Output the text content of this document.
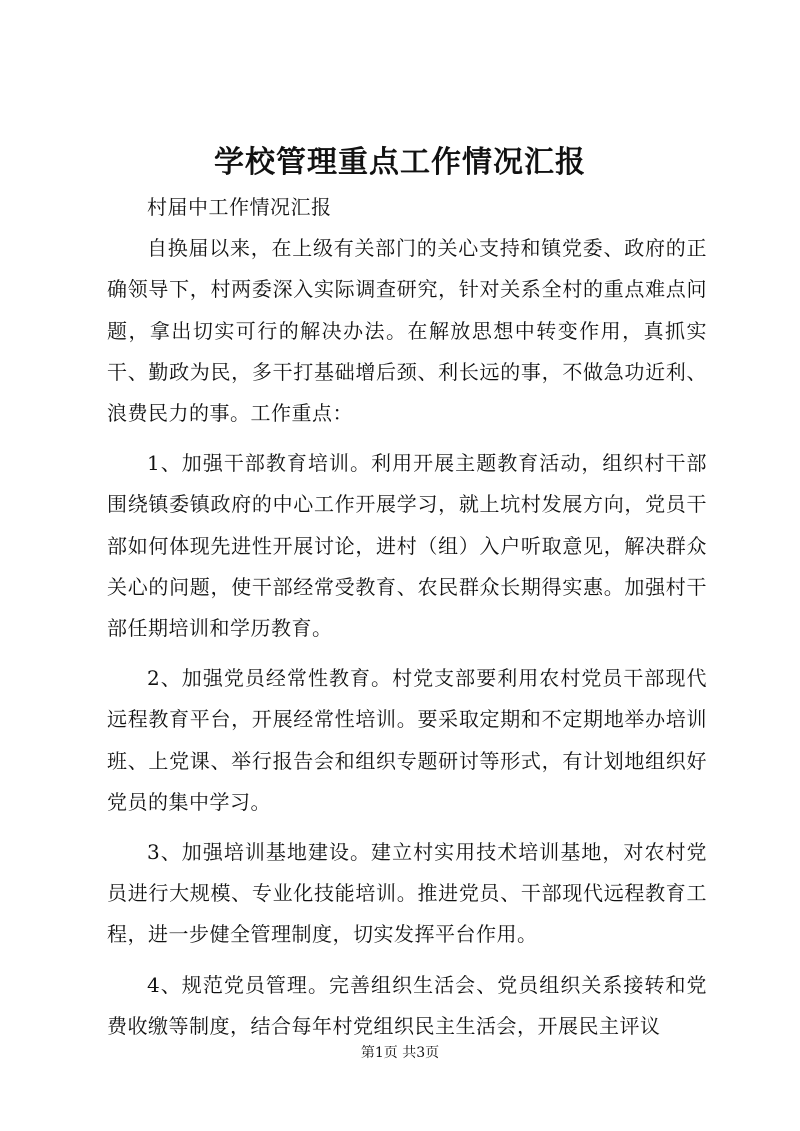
学校管理重点工作情况汇报

村届中工作情况汇报

自换届以来，在上级有关部门的关心支持和镇党委、政府的正确领导下，村两委深入实际调查研究，针对关系全村的重点难点问题，拿出切实可行的解决办法。在解放思想中转变作用，真抓实干、勤政为民，多干打基础增后颈、利长远的事，不做急功近利、浪费民力的事。工作重点：

1、加强干部教育培训。利用开展主题教育活动，组织村干部围绕镇委镇政府的中心工作开展学习，就上坑村发展方向，党员干部如何体现先进性开展讨论，进村（组）入户听取意见，解决群众关心的问题，使干部经常受教育、农民群众长期得实惠。加强村干部任期培训和学历教育。

2、加强党员经常性教育。村党支部要利用农村党员干部现代远程教育平台，开展经常性培训。要采取定期和不定期地举办培训班、上党课、举行报告会和组织专题研讨等形式，有计划地组织好党员的集中学习。

3、加强培训基地建设。建立村实用技术培训基地，对农村党员进行大规模、专业化技能培训。推进党员、干部现代远程教育工程，进一步健全管理制度，切实发挥平台作用。

4、规范党员管理。完善组织生活会、党员组织关系接转和党费收缴等制度，结合每年村党组织民主生活会，开展民主评议

第1页 共3页
